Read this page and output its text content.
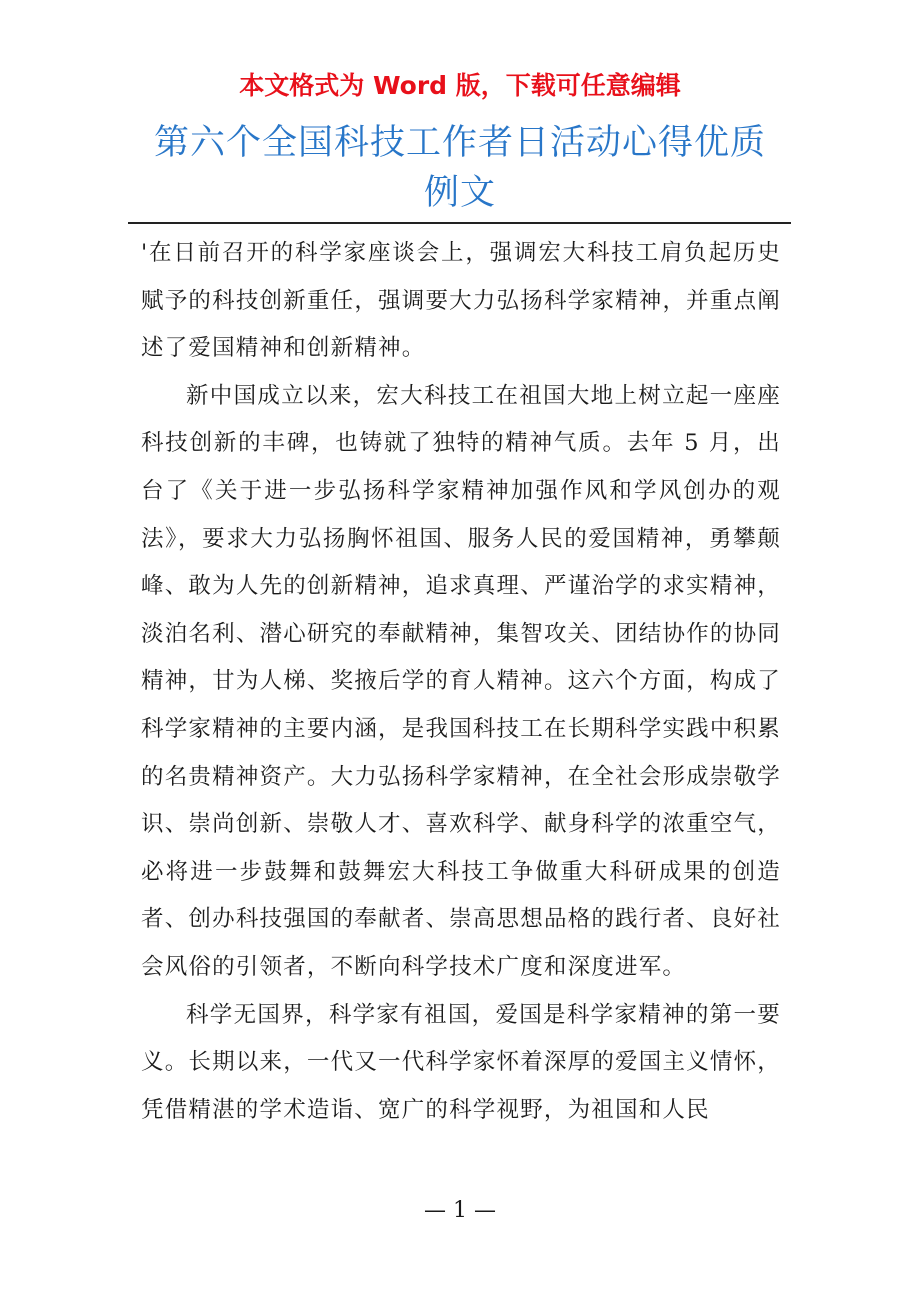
本文格式为 Word 版，下载可任意编辑
第六个全国科技工作者日活动心得优质例文

'在日前召开的科学家座谈会上，强调宏大科技工肩负起历史赋予的科技创新重任，强调要大力弘扬科学家精神，并重点阐述了爱国精神和创新精神。

新中国成立以来，宏大科技工在祖国大地上树立起一座座科技创新的丰碑，也铸就了独特的精神气质。去年 5 月，出台了《关于进一步弘扬科学家精神加强作风和学风创办的观法》，要求大力弘扬胸怀祖国、服务人民的爱国精神，勇攀颠峰、敢为人先的创新精神，追求真理、严谨治学的求实精神，淡泊名利、潜心研究的奉献精神，集智攻关、团结协作的协同精神，甘为人梯、奖掖后学的育人精神。这六个方面，构成了科学家精神的主要内涵，是我国科技工在长期科学实践中积累的名贵精神资产。大力弘扬科学家精神，在全社会形成崇敬学识、崇尚创新、崇敬人才、喜欢科学、献身科学的浓重空气，必将进一步鼓舞和鼓舞宏大科技工争做重大科研成果的创造者、创办科技强国的奉献者、崇高思想品格的践行者、良好社会风俗的引领者，不断向科学技术广度和深度进军。

科学无国界，科学家有祖国，爱国是科学家精神的第一要义。长期以来，一代又一代科学家怀着深厚的爱国主义情怀，凭借精湛的学术造诣、宽广的科学视野，为祖国和人民

— 1 —
